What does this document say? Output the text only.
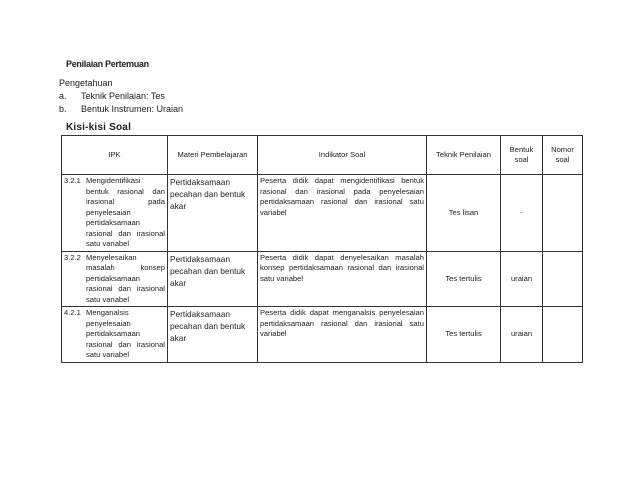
Penilaian Pertemuan
Pengetahuan
a.	Teknik Penilaian: Tes
b.	Bentuk Instrumen: Uraian
Kisi-kisi Soal
IPK	Materi Pembelajaran	Indikator Soal	Teknik Penilaian	Bentuk soal	Nomor soal

3.2.1 Mengidentifikasi bentuk rasional dan irasional pada penyelesaian pertidaksamaan rasional dan irasional satu variabel	Pertidaksamaan pecahan dan bentuk akar	Peserta didik dapat mengidentifikasi bentuk rasional dan irasional pada penyelesaian pertidaksamaan rasional dan irasional satu variabel	Tes lisan	-	

3.2.2 Menyelesaikan masalah konsep pertidaksamaan rasional dan irasional satu variabel	Pertidaksamaan pecahan dan bentuk akar	Peserta didik dapat denyelesaikan masalah konsep pertidaksamaan rasional dan irasional satu variabel	Tes tertulis	uraian	

4.2.1 Menganalsis penyelesaian pertidaksamaan rasional dan irasional satu variabel	Pertidaksamaan pecahan dan bentuk akar	Peserta didik dapat menganalsis penyelesaian pertidaksamaan rasional dan irasional satu variabel	Tes tertulis	uraian	
